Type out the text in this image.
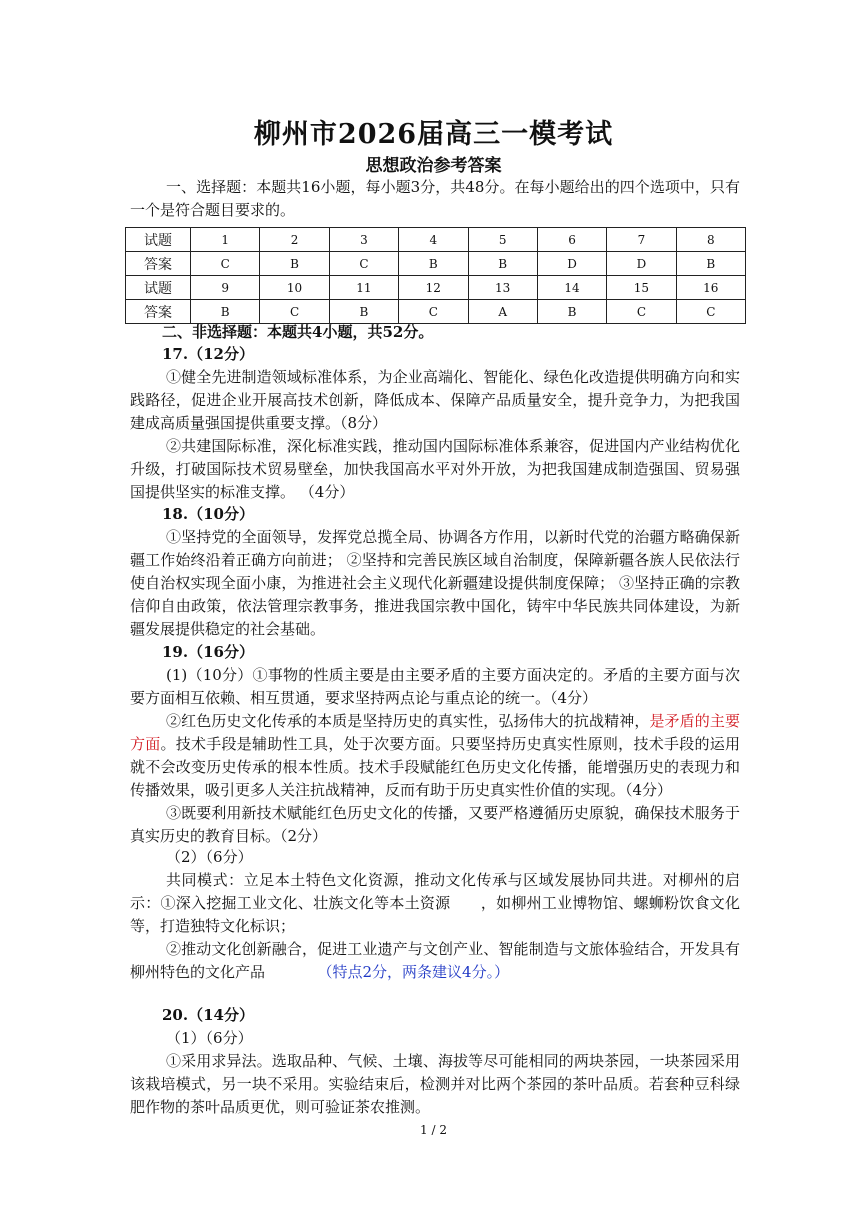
柳州市2026届高三一模考试
思想政治参考答案
一、选择题：本题共16小题，每小题3分，共48分。在每小题给出的四个选项中，只有一个是符合题目要求的。
试题	1	2	3	4	5	6	7	8
答案	C	B	C	B	B	D	D	B
试题	9	10	11	12	13	14	15	16
答案	B	C	B	C	A	B	C	C
二、非选择题：本题共4小题，共52分。
17.（12分）
①健全先进制造领域标准体系，为企业高端化、智能化、绿色化改造提供明确方向和实践路径，促进企业开展高技术创新，降低成本、保障产品质量安全，提升竞争力，为把我国建成高质量强国提供重要支撑。（8分）
②共建国际标准，深化标准实践，推动国内国际标准体系兼容，促进国内产业结构优化升级，打破国际技术贸易壁垒，加快我国高水平对外开放，为把我国建成制造强国、贸易强国提供坚实的标准支撑。 （4分）
18.（10分）
①坚持党的全面领导，发挥党总揽全局、协调各方作用，以新时代党的治疆方略确保新疆工作始终沿着正确方向前进； ②坚持和完善民族区域自治制度，保障新疆各族人民依法行使自治权实现全面小康，为推进社会主义现代化新疆建设提供制度保障； ③坚持正确的宗教信仰自由政策，依法管理宗教事务，推进我国宗教中国化，铸牢中华民族共同体建设，为新疆发展提供稳定的社会基础。
19.（16分）
(1)（10分）①事物的性质主要是由主要矛盾的主要方面决定的。矛盾的主要方面与次要方面相互依赖、相互贯通，要求坚持两点论与重点论的统一。（4分）
②红色历史文化传承的本质是坚持历史的真实性，弘扬伟大的抗战精神，是矛盾的主要方面。技术手段是辅助性工具，处于次要方面。只要坚持历史真实性原则，技术手段的运用就不会改变历史传承的根本性质。技术手段赋能红色历史文化传播，能增强历史的表现力和传播效果，吸引更多人关注抗战精神，反而有助于历史真实性价值的实现。（4分）
③既要利用新技术赋能红色历史文化的传播，又要严格遵循历史原貌，确保技术服务于真实历史的教育目标。（2分）
（2）（6分）
共同模式：立足本土特色文化资源，推动文化传承与区域发展协同共进。对柳州的启示：①深入挖掘工业文化、壮族文化等本土资源　　，如柳州工业博物馆、螺蛳粉饮食文化等，打造独特文化标识；
②推动文化创新融合，促进工业遗产与文创产业、智能制造与文旅体验结合，开发具有柳州特色的文化产品　　　　（特点2分，两条建议4分。）
20.（14分）
（1）（6分）
①采用求异法。选取品种、气候、土壤、海拔等尽可能相同的两块茶园，一块茶园采用该栽培模式，另一块不采用。实验结束后，检测并对比两个茶园的茶叶品质。若套种豆科绿肥作物的茶叶品质更优，则可验证茶农推测。
1 / 2
